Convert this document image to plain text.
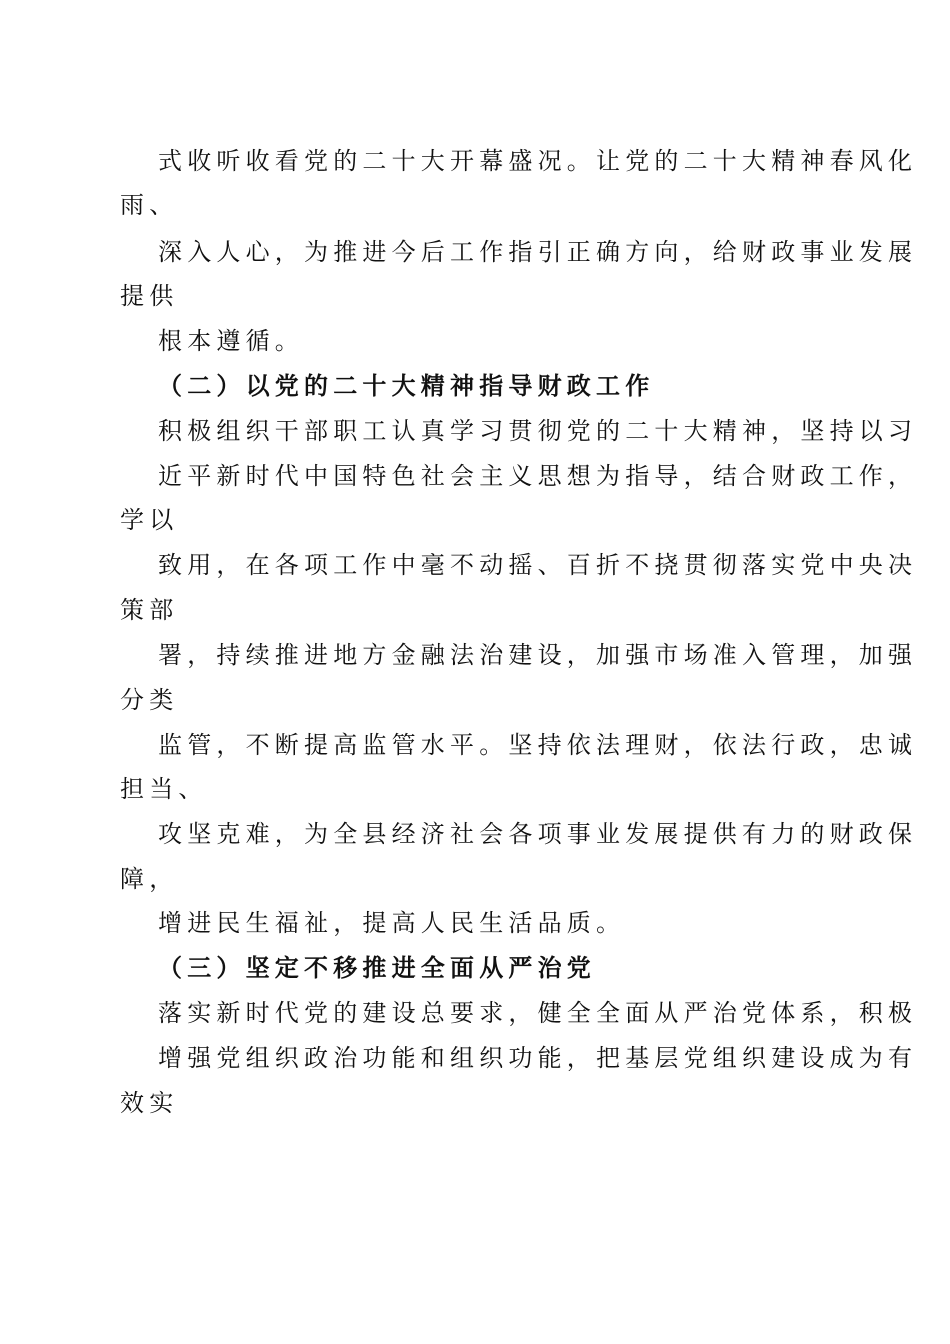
式收听收看党的二十大开幕盛况。让党的二十大精神春风化
雨、
深入人心，为推进今后工作指引正确方向，给财政事业发展
提供
根本遵循。
（二）以党的二十大精神指导财政工作
积极组织干部职工认真学习贯彻党的二十大精神，坚持以习
近平新时代中国特色社会主义思想为指导，结合财政工作，
学以
致用，在各项工作中毫不动摇、百折不挠贯彻落实党中央决
策部
署，持续推进地方金融法治建设，加强市场准入管理，加强
分类
监管，不断提高监管水平。坚持依法理财，依法行政，忠诚
担当、
攻坚克难，为全县经济社会各项事业发展提供有力的财政保
障，
增进民生福祉，提高人民生活品质。
（三）坚定不移推进全面从严治党
落实新时代党的建设总要求，健全全面从严治党体系，积极
增强党组织政治功能和组织功能，把基层党组织建设成为有
效实
